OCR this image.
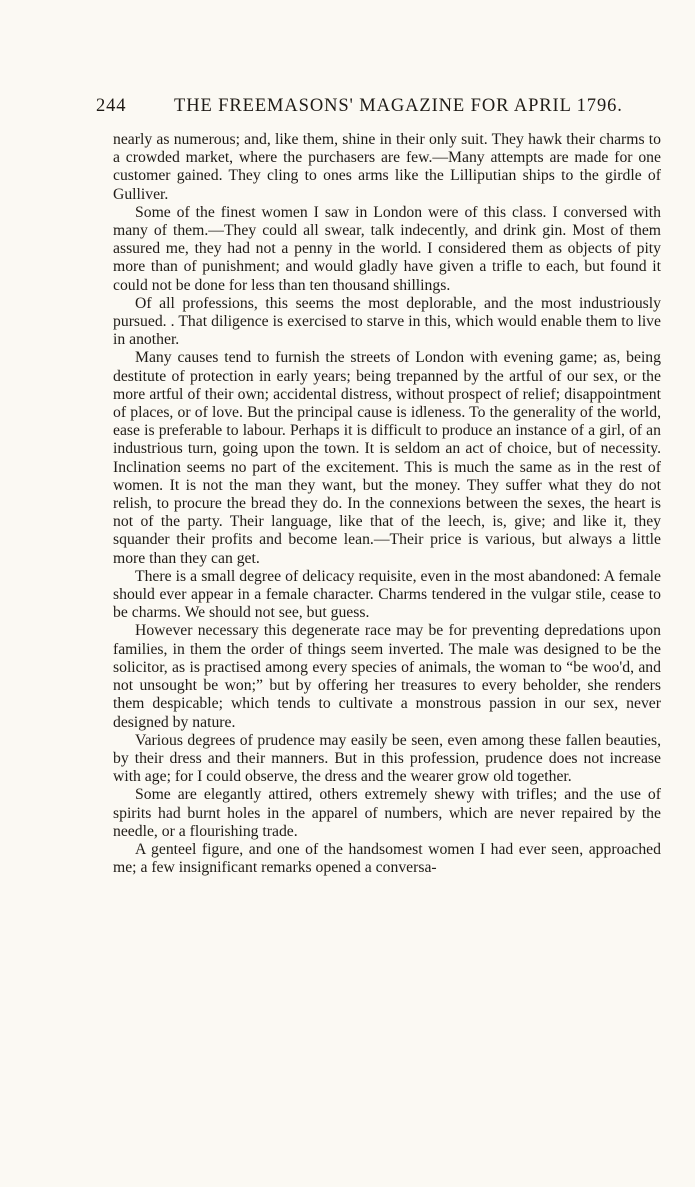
244	THE FREEMASONS' MAGAZINE FOR APRIL 1796.

nearly as numerous; and, like them, shine in their only suit. They hawk their charms to a crowded market, where the purchasers are few.—Many attempts are made for one customer gained. They cling to ones arms like the Lilliputian ships to the girdle of Gulliver.

Some of the finest women I saw in London were of this class. I conversed with many of them.—They could all swear, talk indecently, and drink gin. Most of them assured me, they had not a penny in the world. I considered them as objects of pity more than of punishment; and would gladly have given a trifle to each, but found it could not be done for less than ten thousand shillings.

Of all professions, this seems the most deplorable, and the most industriously pursued. . That diligence is exercised to starve in this, which would enable them to live in another.

Many causes tend to furnish the streets of London with evening game; as, being destitute of protection in early years; being trepanned by the artful of our sex, or the more artful of their own; accidental distress, without prospect of relief; disappointment of places, or of love. But the principal cause is idleness. To the generality of the world, ease is preferable to labour. Perhaps it is difficult to produce an instance of a girl, of an industrious turn, going upon the town. It is seldom an act of choice, but of necessity. Inclination seems no part of the excitement. This is much the same as in the rest of women. It is not the man they want, but the money. They suffer what they do not relish, to procure the bread they do. In the connexions between the sexes, the heart is not of the party. Their language, like that of the leech, is, give; and like it, they squander their profits and become lean.—Their price is various, but always a little more than they can get.

There is a small degree of delicacy requisite, even in the most abandoned: A female should ever appear in a female character. Charms tendered in the vulgar stile, cease to be charms. We should not see, but guess.

However necessary this degenerate race may be for preventing depredations upon families, in them the order of things seem inverted. The male was designed to be the solicitor, as is practised among every species of animals, the woman to “be woo'd, and not unsought be won;” but by offering her treasures to every beholder, she renders them despicable; which tends to cultivate a monstrous passion in our sex, never designed by nature.

Various degrees of prudence may easily be seen, even among these fallen beauties, by their dress and their manners. But in this profession, prudence does not increase with age; for I could observe, the dress and the wearer grow old together.

Some are elegantly attired, others extremely shewy with trifles; and the use of spirits had burnt holes in the apparel of numbers, which are never repaired by the needle, or a flourishing trade.

A genteel figure, and one of the handsomest women I had ever seen, approached me; a few insignificant remarks opened a conversa-
